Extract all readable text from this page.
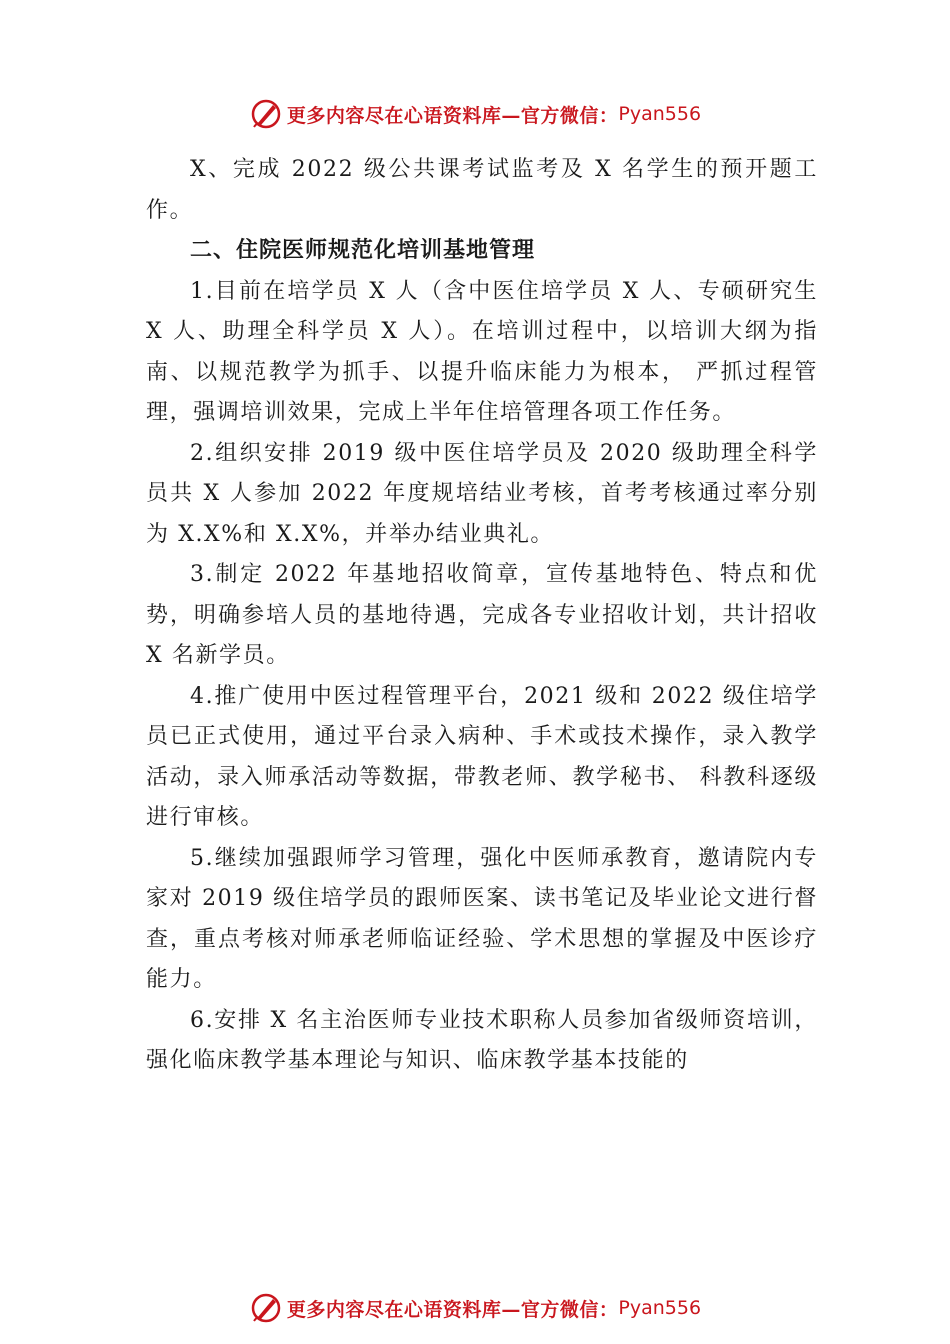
更多内容尽在心语资料库—官方微信： Pyan556

X、完成 2022 级公共课考试监考及 X 名学生的预开题工作。

二、住院医师规范化培训基地管理

1.目前在培学员 X 人（含中医住培学员 X 人、专硕研究生 X 人、助理全科学员 X 人）。在培训过程中，以培训大纲为指南、以规范教学为抓手、以提升临床能力为根本， 严抓过程管理，强调培训效果，完成上半年住培管理各项工作任务。

2.组织安排 2019 级中医住培学员及 2020 级助理全科学员共 X 人参加 2022 年度规培结业考核，首考考核通过率分别为 X.X%和 X.X%，并举办结业典礼。

3.制定 2022 年基地招收简章，宣传基地特色、特点和优势，明确参培人员的基地待遇，完成各专业招收计划，共计招收 X 名新学员。

4.推广使用中医过程管理平台，2021 级和 2022 级住培学员已正式使用，通过平台录入病种、手术或技术操作，录入教学活动，录入师承活动等数据，带教老师、教学秘书、 科教科逐级进行审核。

5.继续加强跟师学习管理，强化中医师承教育，邀请院内专家对 2019 级住培学员的跟师医案、读书笔记及毕业论文进行督查，重点考核对师承老师临证经验、学术思想的掌握及中医诊疗能力。

6.安排 X 名主治医师专业技术职称人员参加省级师资培训，强化临床教学基本理论与知识、临床教学基本技能的

更多内容尽在心语资料库—官方微信： Pyan556
